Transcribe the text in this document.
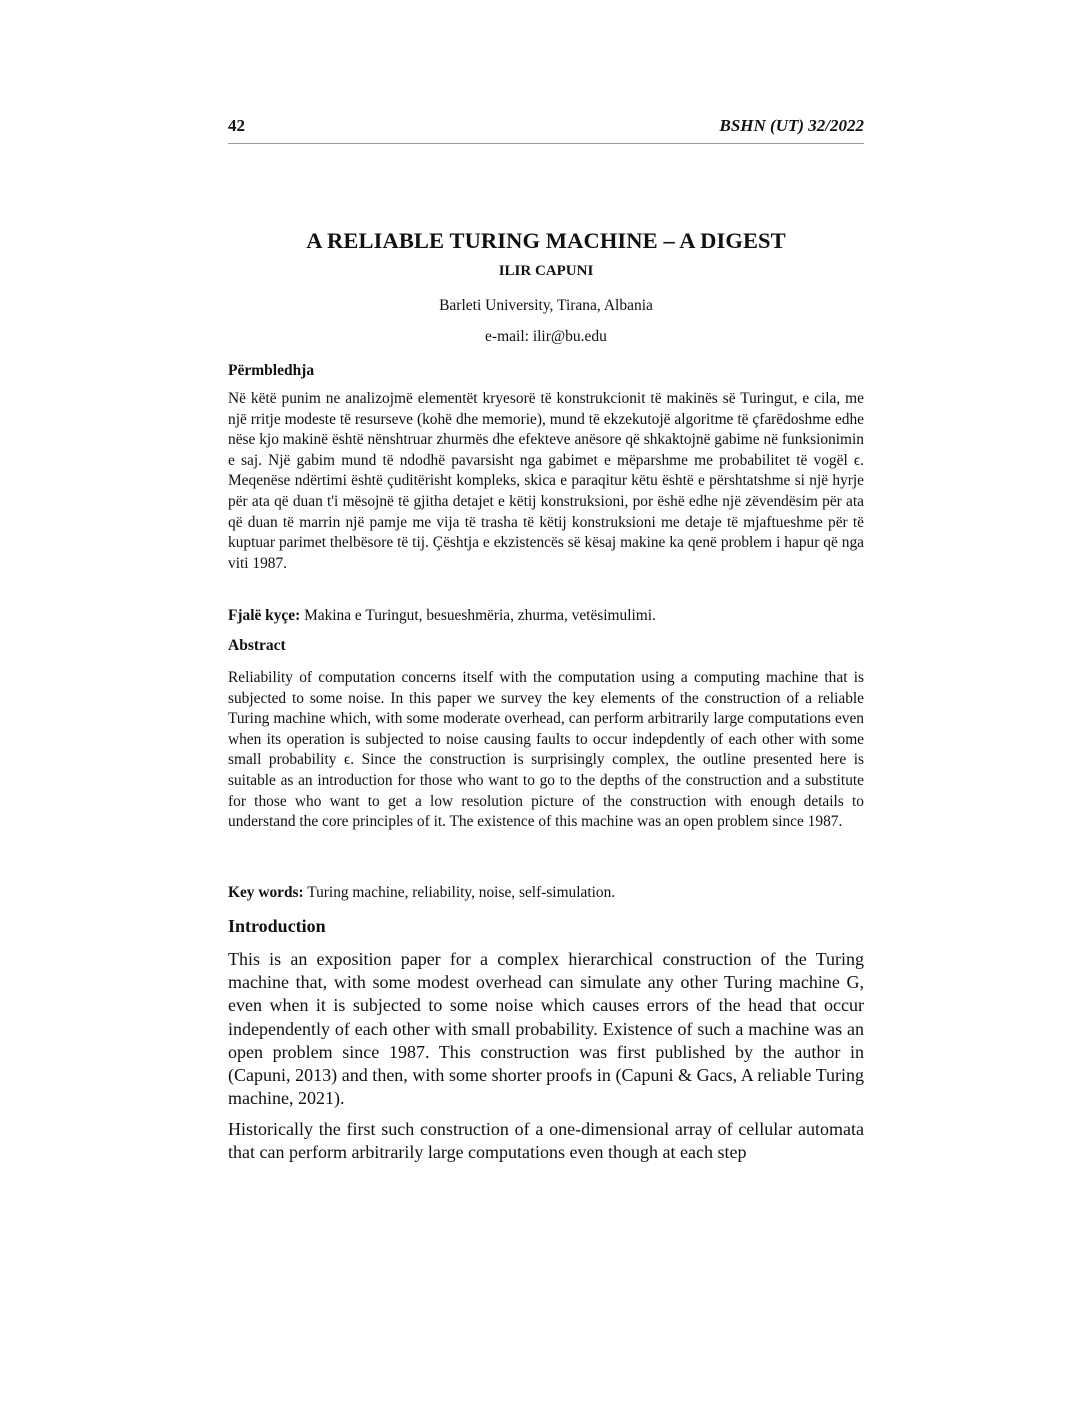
42	BSHN (UT) 32/2022
A RELIABLE TURING MACHINE – A DIGEST
ILIR CAPUNI
Barleti University, Tirana, Albania
e-mail: ilir@bu.edu
Përmbledhja

Në këtë punim ne analizojmë elementët kryesorë të konstrukcionit të makinës së Turingut, e cila, me një rritje modeste të resurseve (kohë dhe memorie), mund të ekzekutojë algoritme të çfarëdoshme edhe nëse kjo makinë është nënshtruar zhurmës dhe efekteve anësore që shkaktojnë gabime në funksionimin e saj. Një gabim mund të ndodhë pavarsisht nga gabimet e mëparshme me probabilitet të vogël ϵ. Meqenëse ndërtimi është çuditërisht kompleks, skica e paraqitur këtu është e përshtatshme si një hyrje për ata që duan t'i mësojnë të gjitha detajet e këtij konstruksioni, por ëshë edhe një zëvendësim për ata që duan të marrin një pamje me vija të trasha të këtij konstruksioni me detaje të mjaftueshme për të kuptuar parimet thelbësore të tij. Çështja e ekzistencës së kësaj makine ka qenë problem i hapur që nga viti 1987.

Fjalë kyçe: Makina e Turingut, besueshmëria, zhurma, vetësimulimi.

Abstract

Reliability of computation concerns itself with the computation using a computing machine that is subjected to some noise. In this paper we survey the key elements of the construction of a reliable Turing machine which, with some moderate overhead, can perform arbitrarily large computations even when its operation is subjected to noise causing faults to occur indepdently of each other with some small probability ϵ. Since the construction is surprisingly complex, the outline presented here is suitable as an introduction for those who want to go to the depths of the construction and a substitute for those who want to get a low resolution picture of the construction with enough details to understand the core principles of it. The existence of this machine was an open problem since 1987.

Key words: Turing machine, reliability, noise, self-simulation.

Introduction

This is an exposition paper for a complex hierarchical construction of the Turing machine that, with some modest overhead can simulate any other Turing machine G, even when it is subjected to some noise which causes errors of the head that occur independently of each other with small probability. Existence of such a machine was an open problem since 1987. This construction was first published by the author in (Capuni, 2013) and then, with some shorter proofs in (Capuni & Gacs, A reliable Turing machine, 2021).

Historically the first such construction of a one-dimensional array of cellular automata that can perform arbitrarily large computations even though at each step
